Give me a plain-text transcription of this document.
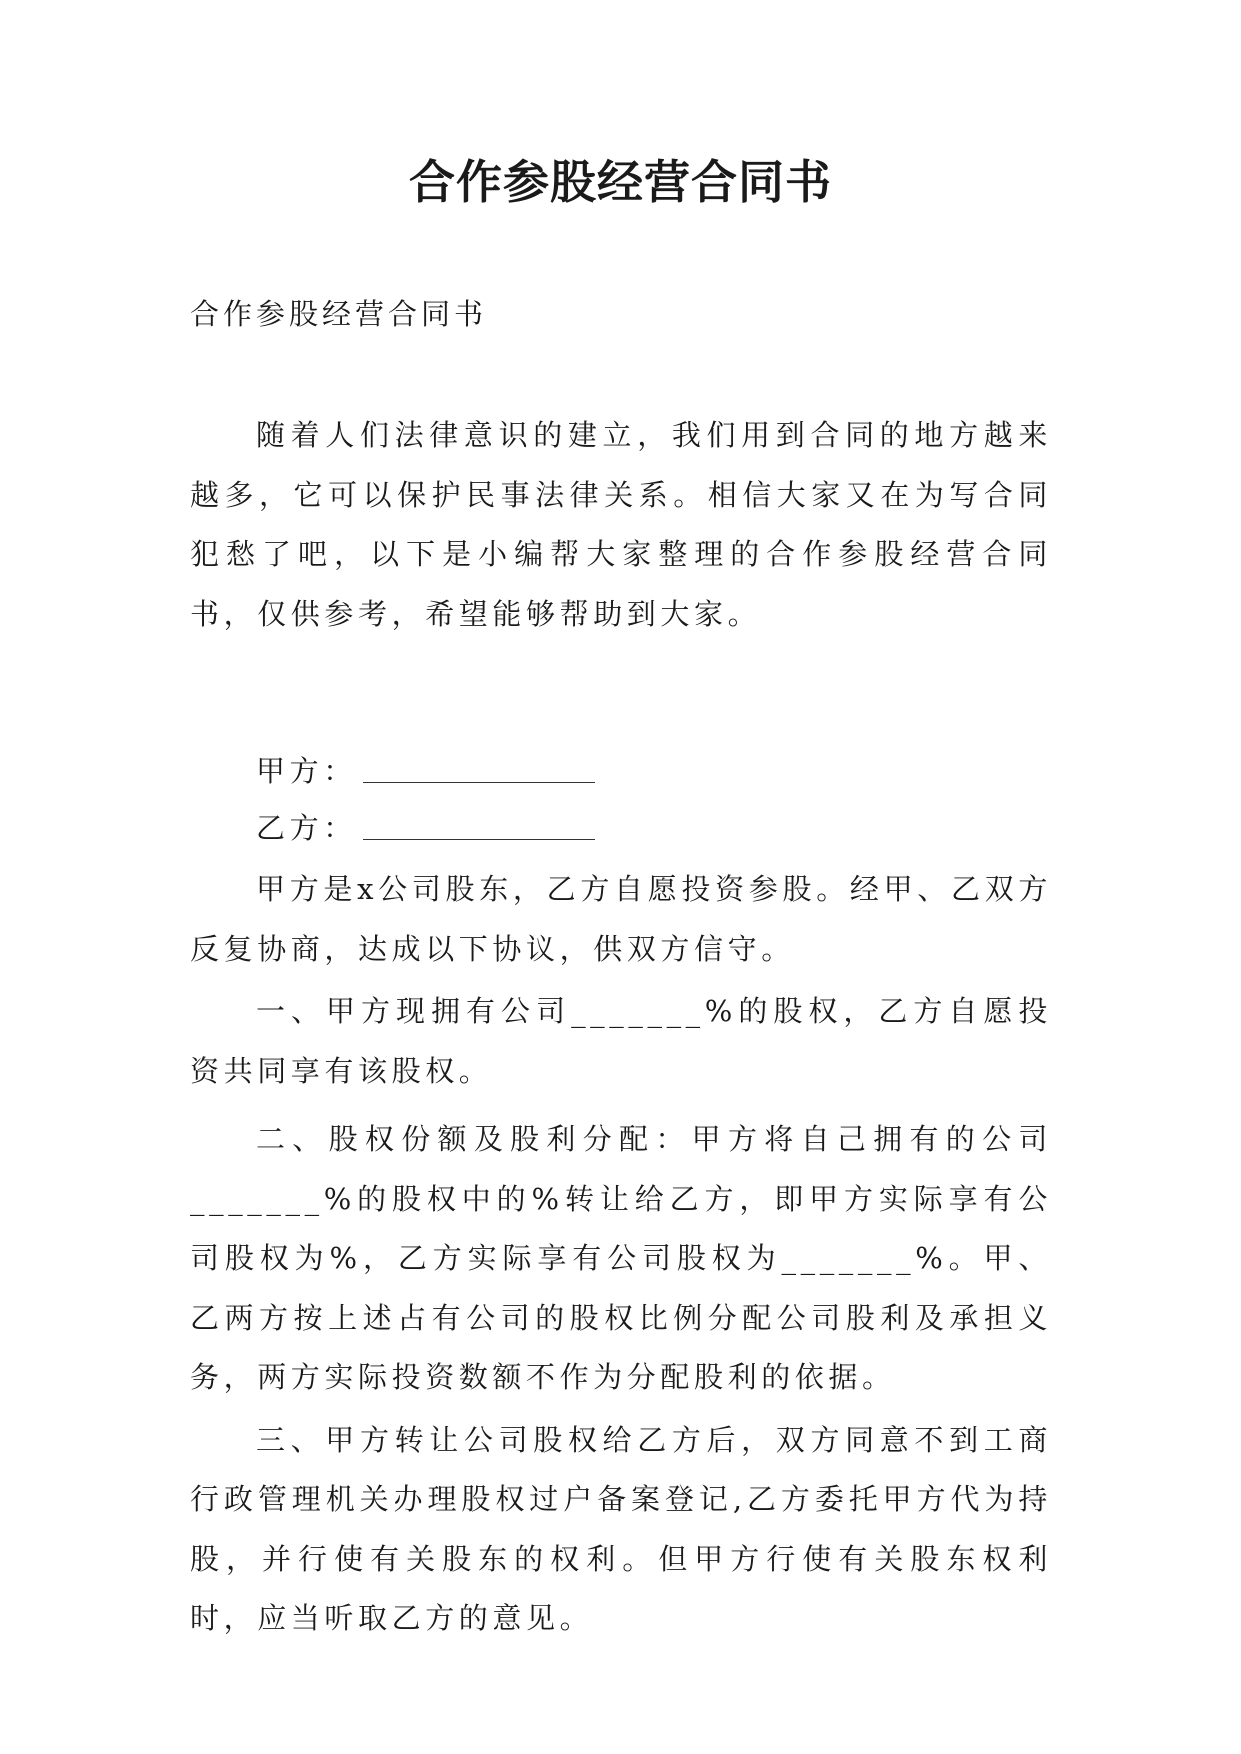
合作参股经营合同书
合作参股经营合同书

随着人们法律意识的建立，我们用到合同的地方越来越多，它可以保护民事法律关系。相信大家又在为写合同犯愁了吧，以下是小编帮大家整理的合作参股经营合同书，仅供参考，希望能够帮助到大家。

甲方：

乙方：

甲方是x公司股东，乙方自愿投资参股。经甲、乙双方反复协商，达成以下协议，供双方信守。

一、甲方现拥有公司_______%的股权，乙方自愿投资共同享有该股权。

二、股权份额及股利分配：甲方将自己拥有的公司_______%的股权中的%转让给乙方，即甲方实际享有公司股权为%，乙方实际享有公司股权为_______%。甲、乙两方按上述占有公司的股权比例分配公司股利及承担义务，两方实际投资数额不作为分配股利的依据。

三、甲方转让公司股权给乙方后，双方同意不到工商行政管理机关办理股权过户备案登记,乙方委托甲方代为持股，并行使有关股东的权利。但甲方行使有关股东权利时，应当听取乙方的意见。
